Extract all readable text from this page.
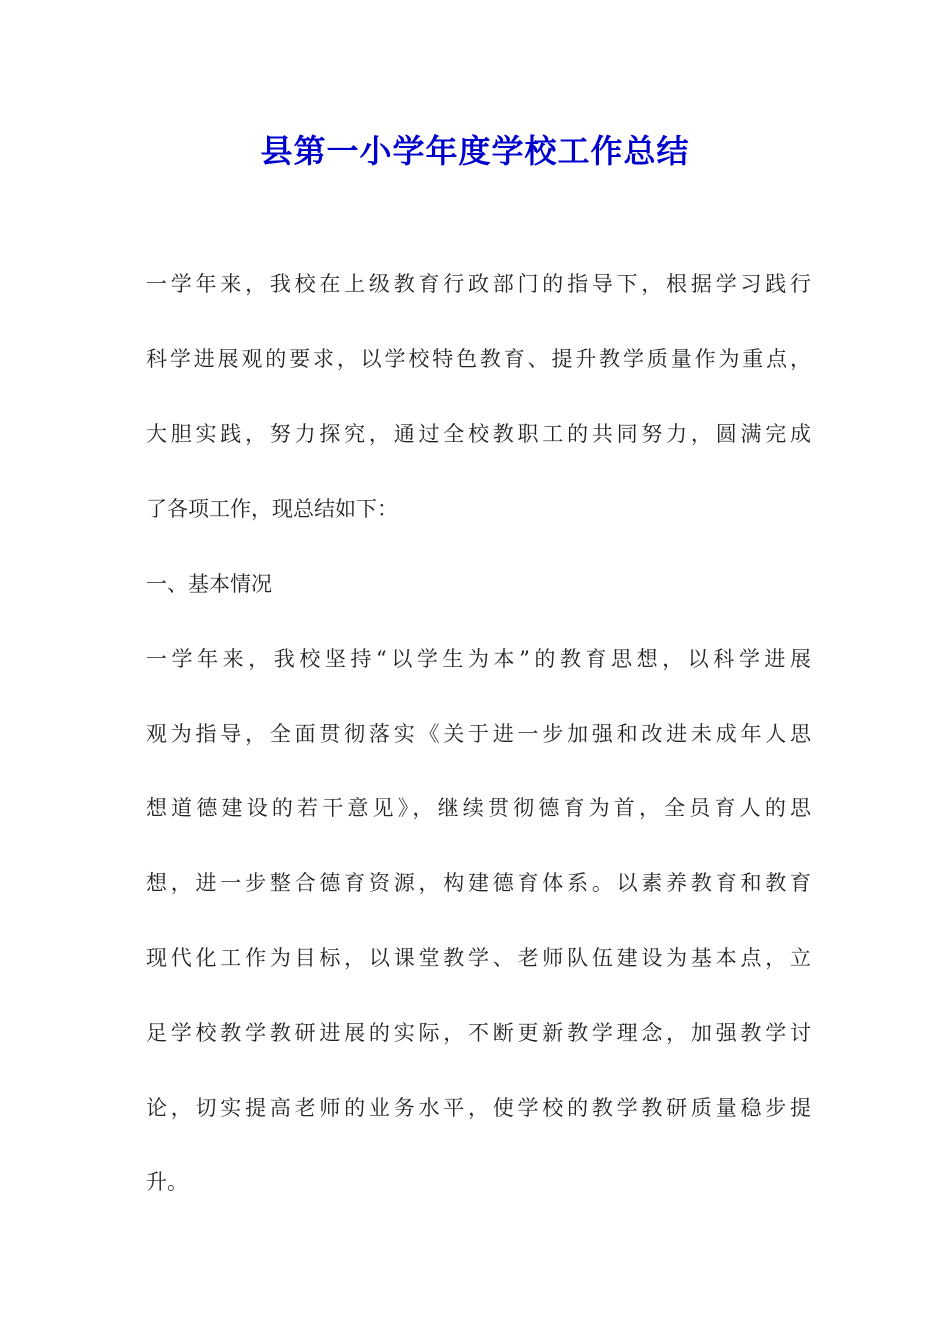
县第一小学年度学校工作总结
一学年来，我校在上级教育行政部门的指导下，根据学习践行
科学进展观的要求，以学校特色教育、提升教学质量作为重点，
大胆实践，努力探究，通过全校教职工的共同努力，圆满完成
了各项工作，现总结如下：
一、基本情况
一学年来，我校坚持“以学生为本”的教育思想，以科学进展
观为指导，全面贯彻落实《关于进一步加强和改进未成年人思
想道德建设的若干意见》，继续贯彻德育为首，全员育人的思
想，进一步整合德育资源，构建德育体系。以素养教育和教育
现代化工作为目标，以课堂教学、老师队伍建设为基本点，立
足学校教学教研进展的实际，不断更新教学理念，加强教学讨
论，切实提高老师的业务水平，使学校的教学教研质量稳步提
升。
